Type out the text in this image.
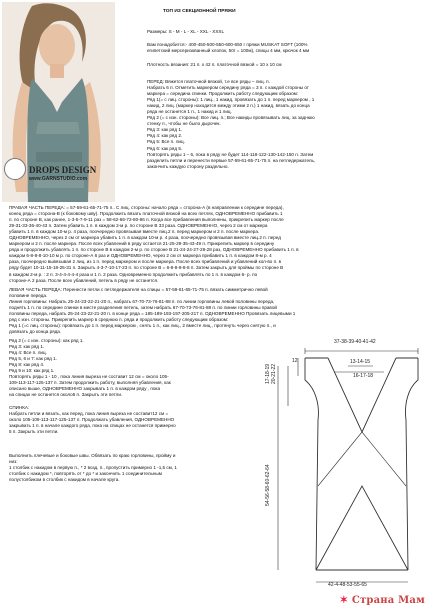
DROPS DESIGN
www.GARNSTUDIO.com
ТОП ИЗ СЕКЦИОННОЙ ПРЯЖИ
Размеры: S - M - L - XL - XXL - XXXL
Вам понадобится:- 400-450-500-550-600-650 г пряжи MUSKAT SOFT (100%
египетский мерсеризованный хлопок, 50г = 100м), спицы 4 мм, крючок 4 мм
Плотность вязания: 21 п. х 42 п. платочной вязкой = 10 х 10 см
ПЕРЕД: Вяжется платочной вязкой, т.е все ряды – лиц. п.
Набрать 6 п. Отметить маркером середину ряда = 3 п. с каждой стороны от
маркера = середина спинки. Продолжить работу следующим образом:
Ряд 1(= с лиц. стороны): 1 лиц., 1 накид, провязать до 1 п. перед маркером , 1
накид, 2 лиц. (маркер находится между этими 2 п.) 1 накид, вязать до конца
ряда не останется 1 п., 1 накид и 1 лиц.
Ряд 2 (= с изн. стороны): Все лиц. п.; Все накиды провязывать лиц. за заднюю
стенку п., чтобы не было дырочек.
Ряд 3: как ряд 1.
Ряд 4: как ряд 2.
Ряд 5: Все п. лиц.
Ряд 6: как ряд 5.
Повторять ряды 1 – 6, пока в ряду не будет 114-118-122-130-142-150 п. Затем
разделить петли и перенести первые 57-59-61-65-71-75 п. на петледержатель,
закончить каждую сторону раздельно.
ПРАВАЯ ЧАСТЬ ПЕРЕДА: = 57-59-61-65-71-75 п.. С лиц. стороны: начало ряда = сторона-А (в направлении к середине переда),
конец ряда = сторона-В (к боковому шву). Продолжить вязать платочной вязкой на всех петлях, ОДНОВРЕМЕННО прибавить 1
п. по стороне В, как ранее, 1-3-5-7-9-11 раз = 58-62-66-72-80-86 п. Когда все прибавления выполнены, прикрепить маркер после
29-31-33-36-40-43 п. Затем убавить 1 п. в каждом 2-м р. по стороне В 33 раза. ОДНОВРЕМЕННО, через 2 см от маркера
убавить 1 п. в каждом 10-м р. 4 раза, поочередно провязывая вместе лиц.2 п. перед маркером и 2 п. после маркера.
ОДНОВРЕМЕННО, через 2 см от маркера убавить 1 п. в каждом 10-м р. 4 раза, поочередно провязывая вместе лиц.2 п. перед
маркером и 2 п. после маркера. После всех убавлений в ряду остается 21-25-29-35-43-49 п. Прикрепить маркер в середину
ряда и продолжить убавлять 1 п. по стороне В в каждом 2-м р. по стороне В 21-24-24-27-28-28 раз, ОДНОВРЕМЕННО прибавить 1 п. в
каждом 6-8-8-8-10-10 м р. по стороне-А 6 раз и ОДНОВРЕМЕННО, через 2 см от маркера прибавить 1 п. в каждом 8-м р. 4
раза, поочередно вывязывая 2 лиц. из 1 п. перед маркером и после маркера. После всех прибавлений и убавлений кол-во п. в
ряду будет 10-11-15-18-25-31 п. Закрыть 4-3-7-10-17-23 п. по стороне В = 6-8-8-8-8-8 п. Затем закрыть для проймы по стороне В
в каждом 2-м р. : 2 п. 3-4-4-4-4-4 раза и 1 п. 2 раза. Одновременно продолжить прибавлять по 1 п. в каждом 6- р. по
стороне-А 2 раза. После всех убавлений, петель в ряду не останется.
ЛЕВАЯ ЧАСТЬ ПЕРЕДА: Перенести петли с петледержателя на спицы = 57-59-61-65-71-75 п. вязать симметрично левой
половине переда.
Линия горловины: Набрать 25-24-23-22-21-20 п., набрать 67-70-73-76-81-88 п. по линии горловины левой половины переда,
поднять 1 п. по середине спинки в месте разделения петель, затем набрать 67-70-73-76-81-88 п. по линии горловины правой
половины переда, набрать 25-24-23-22-21-20 п. в конце ряда = 185-189-193-197-205-217 п. ОДНОВРЕМЕННО Провязать лицевыми 1
ряд с изн. стороны. Прикрепить маркер в среднюю п. ряда и продолжить работу следующим образом:
Ряд 1 (=с лиц. стороны): провязать до 1 п. перед маркером , снять 1 п., как лиц., 2 вместе лиц., протянуть через снятую п., и
довязать до конца ряда.
Ряд 2 (= с изн. стороны): как ряд 1.
Ряд 3: как ряд 1.
Ряд 4: Все п. лиц.
Ряд 5, 6 и 7: как ряд 1.
Ряд 8: как ряд 4.
Ряд 9 и 10: как ряд 1.
Повторять ряды 1 - 10 , пока линия выреза не составит 12 см = около 105-
109-113-117-125-137 п. Затем продолжить работу, выполняя убавления, как
описано выше, ОДНОВРЕМЕННО закрывать 1 п. в каждом ряду , пока
на спицах не останется около5 п. Закрыть эти петли.
СПИНКА:
Набрать петли и вязать, как перед, пока линия выреза не составит12 см =
около 105-109-113-117-125-137 п. Продолжать убавления, ОДНОВРЕМЕННО
закрывать 1 п. в начале каждого ряда, пока на спицах не останется примерно
5 п. Закрыть эти петли.
Выполнить плечевые и боковые швы. Обвязать по краю горловины, пройму и
низ:
1 столбик с накидом в первую п., * 2 возд. п., пропустить примерно 1 -1,5 см, 1
столбик с накидом *, повторять от * до * и закончить 1 соединительным
полустолбиком в столбик с накидом в начале круга.
37-38-39-40-41-42
13-14-15
16-17-18
12
17-18-19
20-21-22
54-56-58-60-62-64
42-4-48-53-55-65
✶ Страна Мам
